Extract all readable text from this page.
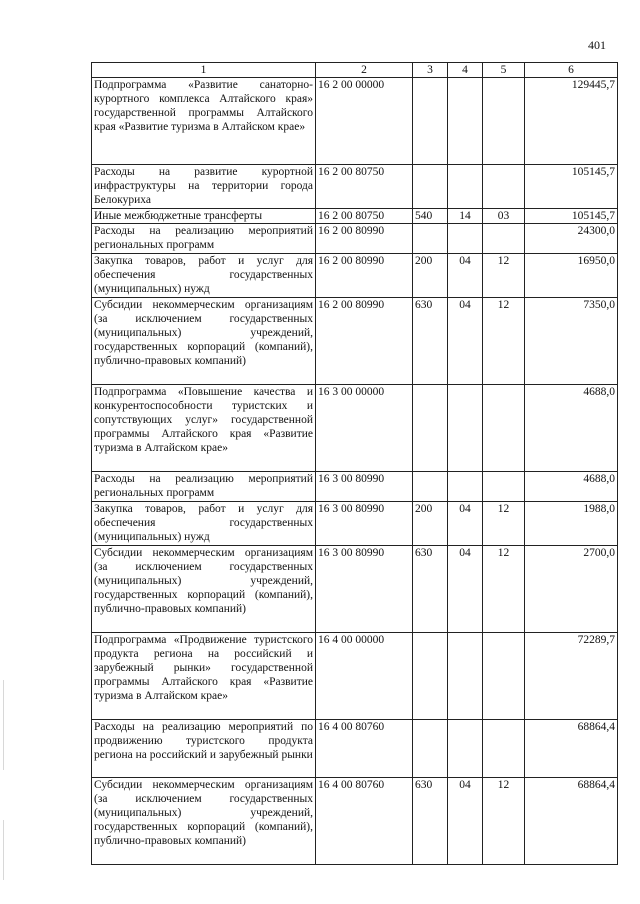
401
1	2	3	4	5	6
Подпрограмма «Развитие санаторно-курортного комплекса Алтайского края» государственной программы Алтайского края «Развитие туризма в Алтайском крае»	16 2 00 00000				129445,7
Расходы на развитие курортной инфраструктуры на территории города Белокуриха	16 2 00 80750				105145,7
Иные межбюджетные трансферты	16 2 00 80750	540	14	03	105145,7
Расходы на реализацию мероприятий региональных программ	16 2 00 80990				24300,0
Закупка товаров, работ и услуг для обеспечения государственных (муниципальных) нужд	16 2 00 80990	200	04	12	16950,0
Субсидии некоммерческим организациям (за исключением государственных (муниципальных) учреждений, государственных корпораций (компаний), публично-правовых компаний)	16 2 00 80990	630	04	12	7350,0
Подпрограмма «Повышение качества и конкурентоспособности туристских и сопутствующих услуг» государственной программы Алтайского края «Развитие туризма в Алтайском крае»	16 3 00 00000				4688,0
Расходы на реализацию мероприятий региональных программ	16 3 00 80990				4688,0
Закупка товаров, работ и услуг для обеспечения государственных (муниципальных) нужд	16 3 00 80990	200	04	12	1988,0
Субсидии некоммерческим организациям (за исключением государственных (муниципальных) учреждений, государственных корпораций (компаний), публично-правовых компаний)	16 3 00 80990	630	04	12	2700,0
Подпрограмма «Продвижение туристского продукта региона на российский и зарубежный рынки» государственной программы Алтайского края «Развитие туризма в Алтайском крае»	16 4 00 00000				72289,7
Расходы на реализацию мероприятий по продвижению туристского продукта региона на российский и зарубежный рынки	16 4 00 80760				68864,4
Субсидии некоммерческим организациям (за исключением государственных (муниципальных) учреждений, государственных корпораций (компаний), публично-правовых компаний)	16 4 00 80760	630	04	12	68864,4
